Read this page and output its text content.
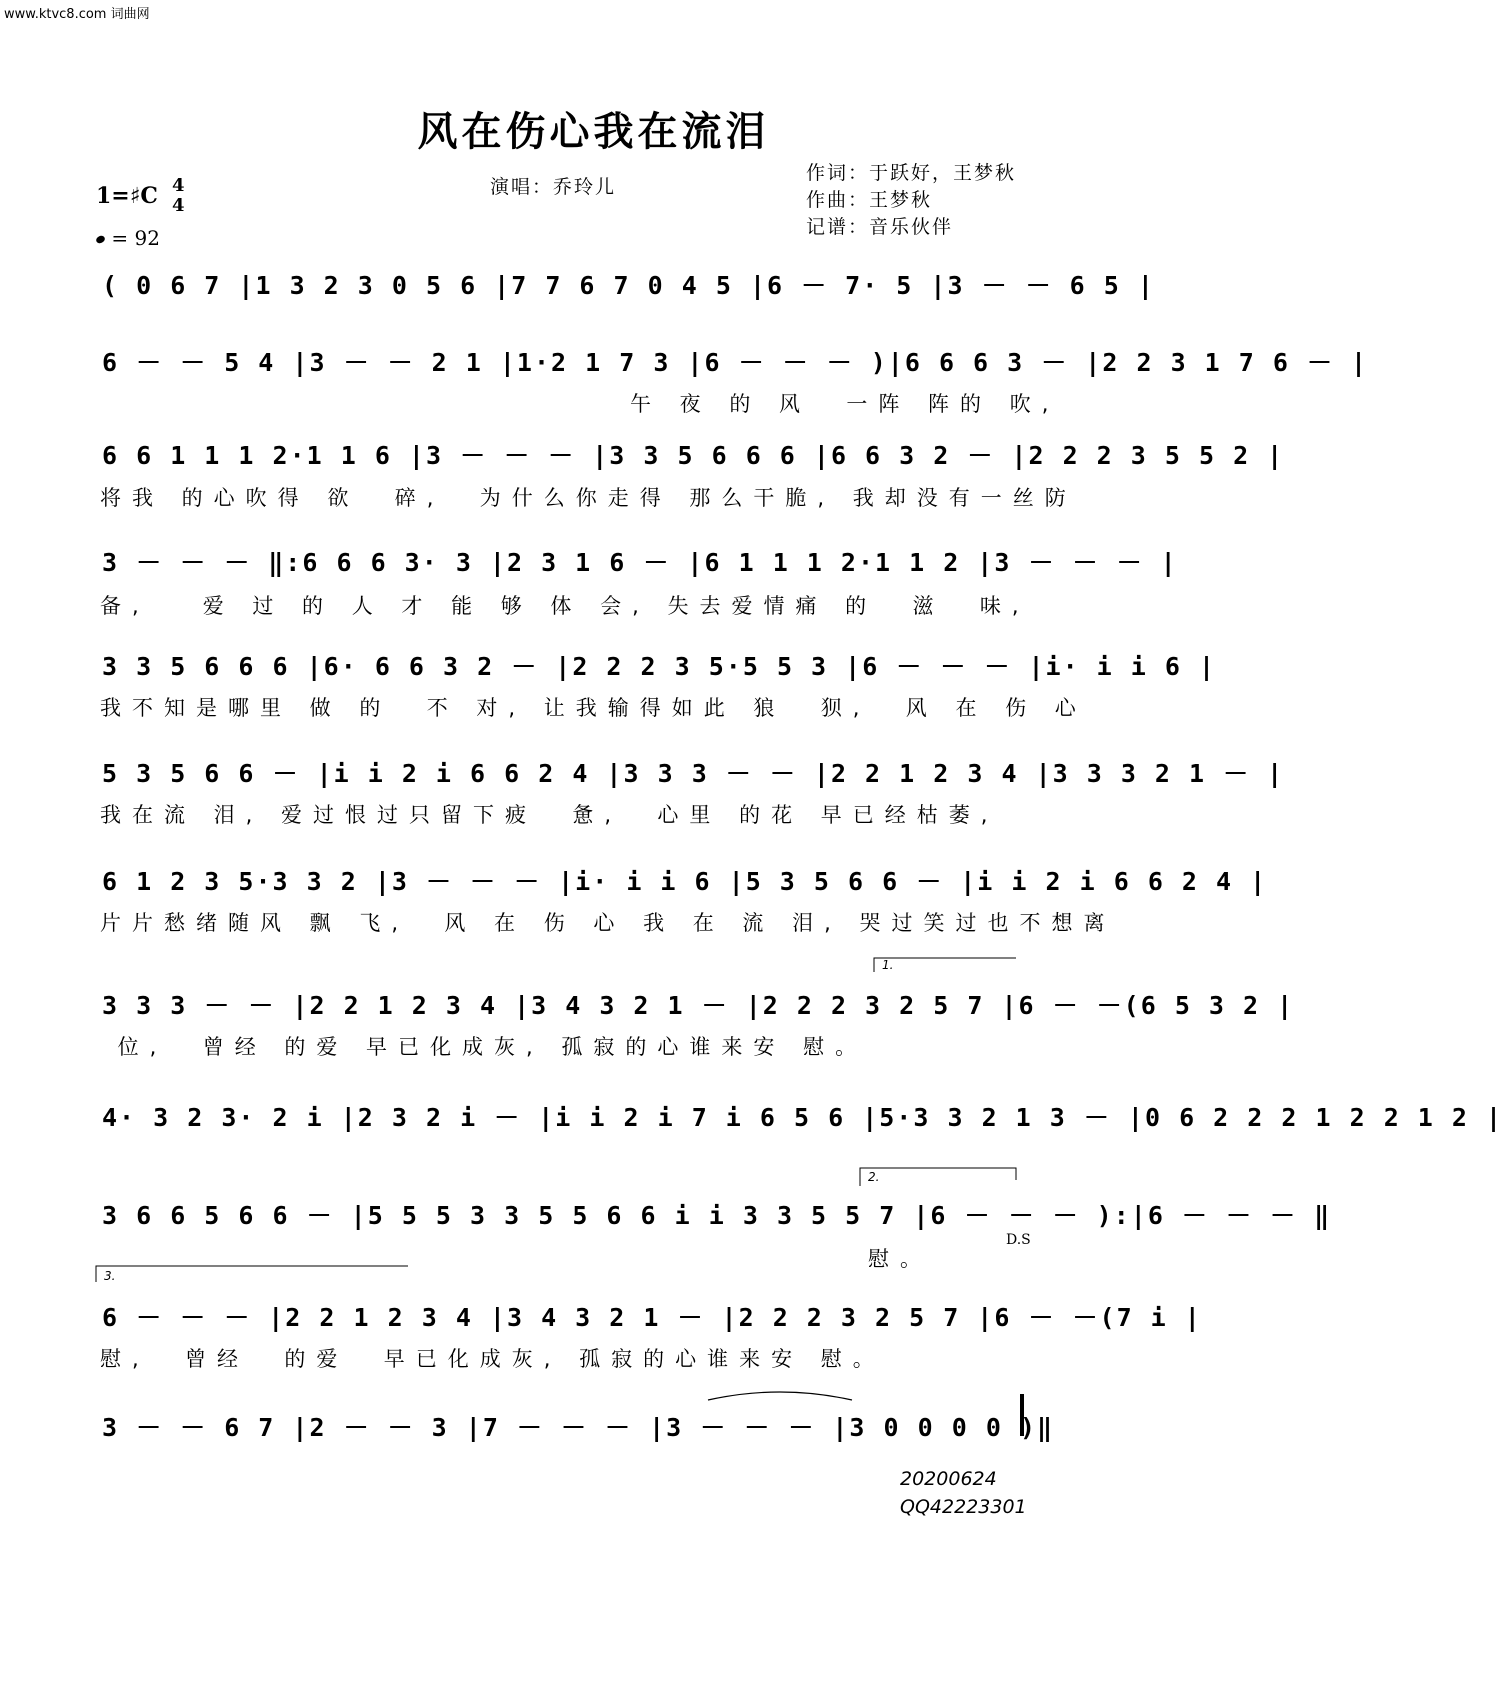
www.ktvc8.com 词曲网
风在伤心我在流泪
1=♯C 4
4
= 92
演唱：乔玲儿
作词：于跃好，王梦秋
作曲：王梦秋
记谱：音乐伙伴
( 0 6 7 |1 3 2 3 0 5 6 |7 7 6 7 0 4 5 |6 － 7· 5 |3 － － 6 5 |
6 － － 5 4 |3 － － 2 1 |1·2 1 7 3 |6 － － － )|6 6 6 3 － |2 2 3 1 7 6 － |
午 夜 的 风  一阵 阵的 吹,
6 6 1 1 1 2·1 1 6 |3 － － － |3 3 5 6 6 6 |6 6 3 2 － |2 2 2 3 5 5 2 |
将我 的心吹得 欲  碎,  为什么你走得 那么干脆, 我却没有一丝防
3 － － － ‖:6 6 6 3· 3 |2 3 1 6 － |6 1 1 1 2·1 1 2 |3 － － － |
备,   爱 过 的 人 才 能 够 体 会, 失去爱情痛 的  滋  味,
3 3 5 6 6 6 |6· 6 6 3 2 － |2 2 2 3 5·5 5 3 |6 － － － |i· i i 6 |
我不知是哪里 做 的  不 对, 让我输得如此 狼  狈,  风 在 伤 心
5 3 5 6 6 － |i i 2 i 6 6 2 4 |3 3 3 － － |2 2 1 2 3 4 |3 3 3 2 1 － |
我在流 泪, 爱过恨过只留下疲  惫,  心里 的花 早已经枯萎,
6 1 2 3 5·3 3 2 |3 － － － |i· i i 6 |5 3 5 6 6 － |i i 2 i 6 6 2 4 |
片片愁绪随风 飘 飞,  风 在 伤 心 我 在 流 泪, 哭过笑过也不想离
1.
3 3 3 － － |2 2 1 2 3 4 |3 4 3 2 1 － |2 2 2 3 2 5 7 |6 － －(6 5 3 2 |
位,  曾经 的爱 早已化成灰, 孤寂的心谁来安 慰。
4· 3 2 3· 2 i |2 3 2 i － |i i 2 i 7 i 6 5 6 |5·3 3 2 1 3 － |0 6 2 2 2 1 2 2 1 2 |
2.
3 6 6 5 6 6 － |5 5 5 3 3 5 5 6 6 i i 3 3 5 5 7 |6 － － － ):|6 － － － ‖
慰。
D.S
3.
6 － － － |2 2 1 2 3 4 |3 4 3 2 1 － |2 2 2 3 2 5 7 |6 － －(7 i |
慰,  曾经  的爱  早已化成灰, 孤寂的心谁来安 慰。
3 － － 6 7 |2 － － 3 |7 － － － |3 － － － |3 0 0 0 0 )‖
20200624
QQ42223301
